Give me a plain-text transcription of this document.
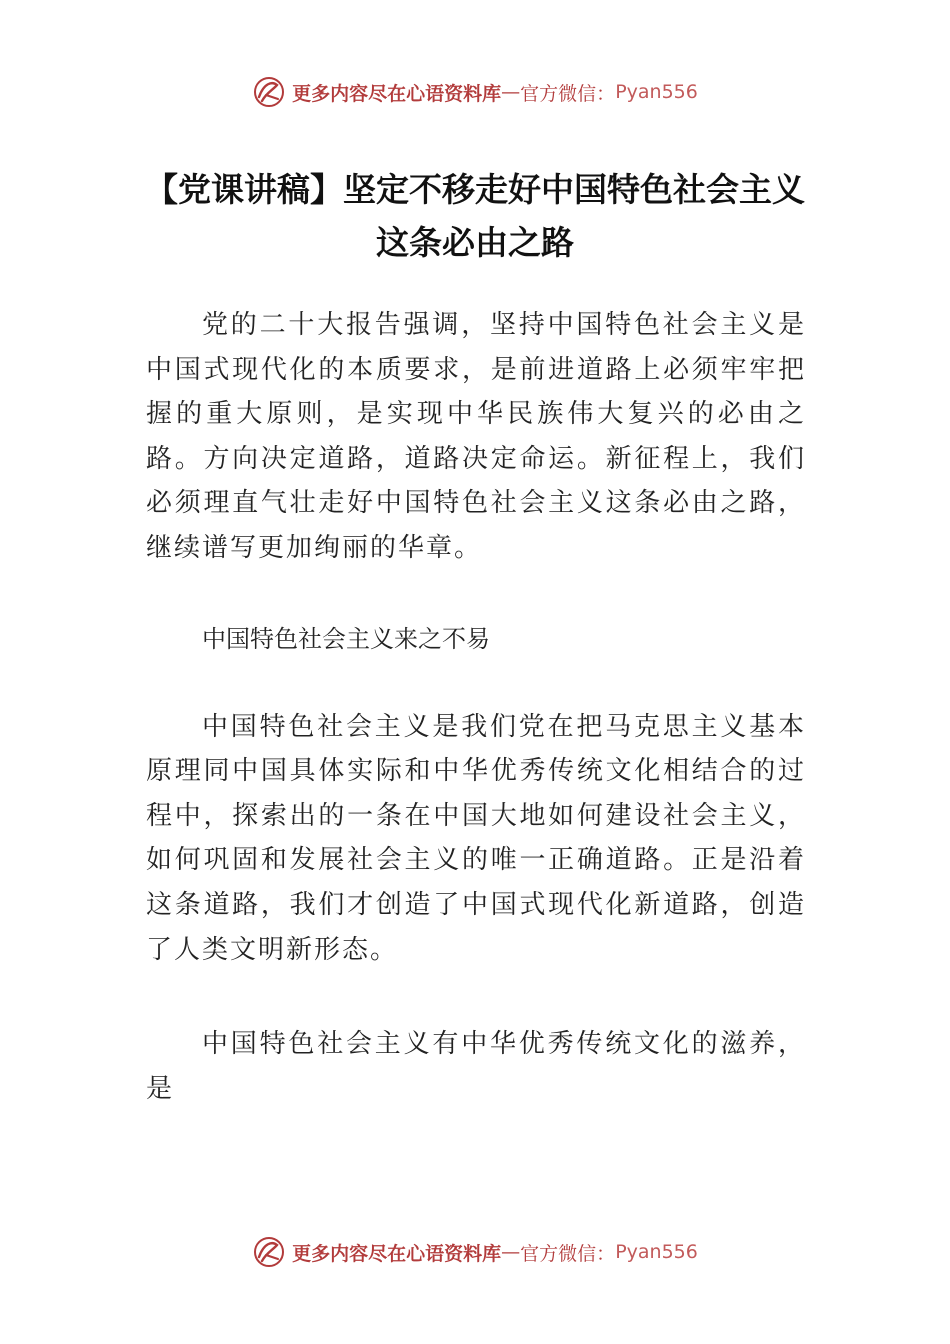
更多内容尽在心语资料库 — 官方微信： Pyan556
【党课讲稿】坚定不移走好中国特色社会主义这条必由之路

党的二十大报告强调，坚持中国特色社会主义是中国式现代化的本质要求，是前进道路上必须牢牢把握的重大原则，是实现中华民族伟大复兴的必由之路。方向决定道路，道路决定命运。新征程上，我们必须理直气壮走好中国特色社会主义这条必由之路，继续谱写更加绚丽的华章。

中国特色社会主义来之不易

中国特色社会主义是我们党在把马克思主义基本原理同中国具体实际和中华优秀传统文化相结合的过程中，探索出的一条在中国大地如何建设社会主义，如何巩固和发展社会主义的唯一正确道路。正是沿着这条道路，我们才创造了中国式现代化新道路，创造了人类文明新形态。

中国特色社会主义有中华优秀传统文化的滋养，是

更多内容尽在心语资料库 — 官方微信： Pyan556
